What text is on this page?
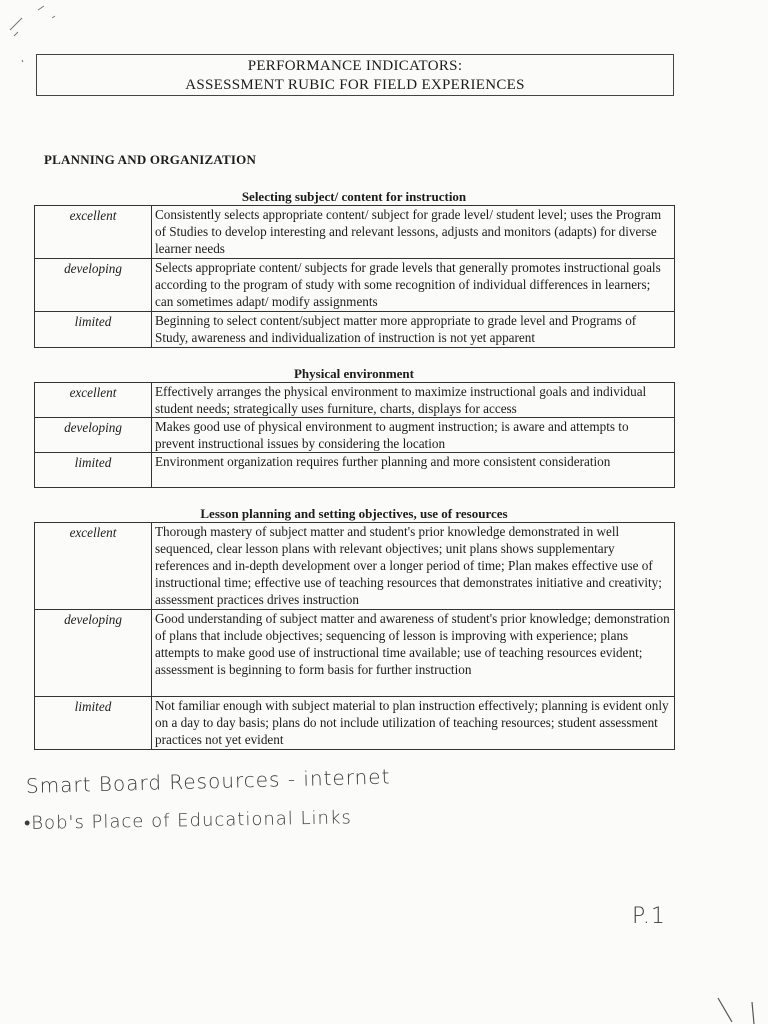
PERFORMANCE INDICATORS:
ASSESSMENT RUBIC FOR FIELD EXPERIENCES
PLANNING AND ORGANIZATION
Selecting subject/ content for instruction
excellent	Consistently selects appropriate content/ subject for grade level/ student level; uses the Program of Studies to develop interesting and relevant lessons, adjusts and monitors (adapts) for diverse learner needs
developing	Selects appropriate content/ subjects for grade levels that generally promotes instructional goals according to the program of study with some recognition of individual differences in learners; can sometimes adapt/ modify assignments
limited	Beginning to select content/subject matter more appropriate to grade level and Programs of Study, awareness and individualization of instruction is not yet apparent
Physical environment
excellent	Effectively arranges the physical environment to maximize instructional goals and individual student needs; strategically uses furniture, charts, displays for access
developing	Makes good use of physical environment to augment instruction; is aware and attempts to prevent instructional issues by considering the location
limited	Environment organization requires further planning and more consistent consideration
Lesson planning and setting objectives, use of resources
excellent	Thorough mastery of subject matter and student's prior knowledge demonstrated in well sequenced, clear lesson plans with relevant objectives; unit plans shows supplementary references and in-depth development over a longer period of time; Plan makes effective use of instructional time; effective use of teaching resources that demonstrates initiative and creativity; assessment practices drives instruction
developing	Good understanding of subject matter and awareness of student's prior knowledge; demonstration of plans that include objectives; sequencing of lesson is improving with experience; plans attempts to make good use of instructional time available; use of teaching resources evident; assessment is beginning to form basis for further instruction
limited	Not familiar enough with subject material to plan instruction effectively; planning is evident only on a day to day basis; plans do not include utilization of teaching resources; student assessment practices not yet evident
Smart Board Resources - internet
•Bob's Place of Educational Links
P.1
